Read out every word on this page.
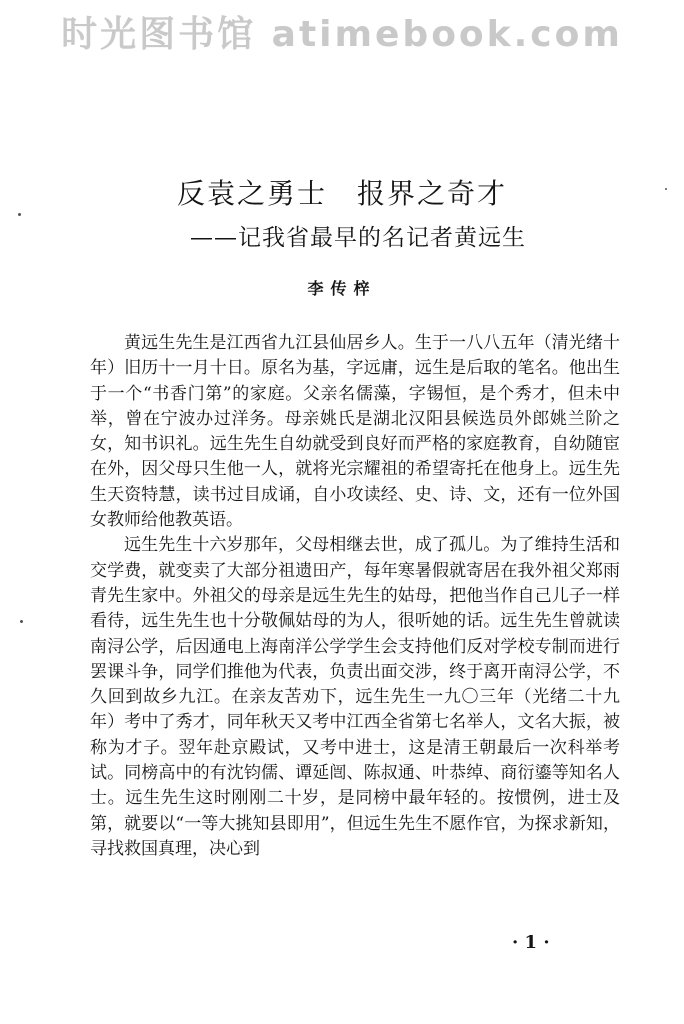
时光图书馆 atimebook.com
反袁之勇士　报界之奇才
——记我省最早的名记者黄远生
李传梓

黄远生先生是江西省九江县仙居乡人。生于一八八五年（清光绪十年）旧历十一月十日。原名为基，字远庸，远生是后取的笔名。他出生于一个“书香门第”的家庭。父亲名儒藻，字锡恒，是个秀才，但未中举，曾在宁波办过洋务。母亲姚氏是湖北汉阳县候选员外郎姚兰阶之女，知书识礼。远生先生自幼就受到良好而严格的家庭教育，自幼随宦在外，因父母只生他一人，就将光宗耀祖的希望寄托在他身上。远生先生天资特慧，读书过目成诵，自小攻读经、史、诗、文，还有一位外国女教师给他教英语。

远生先生十六岁那年，父母相继去世，成了孤儿。为了维持生活和交学费，就变卖了大部分祖遗田产，每年寒暑假就寄居在我外祖父郑雨青先生家中。外祖父的母亲是远生先生的姑母，把他当作自己儿子一样看待，远生先生也十分敬佩姑母的为人，很听她的话。远生先生曾就读南浔公学，后因通电上海南洋公学学生会支持他们反对学校专制而进行罢课斗争，同学们推他为代表，负责出面交涉，终于离开南浔公学，不久回到故乡九江。在亲友苦劝下，远生先生一九〇三年（光绪二十九年）考中了秀才，同年秋天又考中江西全省第七名举人，文名大振，被称为才子。翌年赴京殿试，又考中进士，这是清王朝最后一次科举考试。同榜高中的有沈钧儒、谭延闿、陈叔通、叶恭绰、商衍鎏等知名人士。远生先生这时刚刚二十岁，是同榜中最年轻的。按惯例，进士及第，就要以“一等大挑知县即用”，但远生先生不愿作官，为探求新知，寻找救国真理，决心到

· 1 ·
